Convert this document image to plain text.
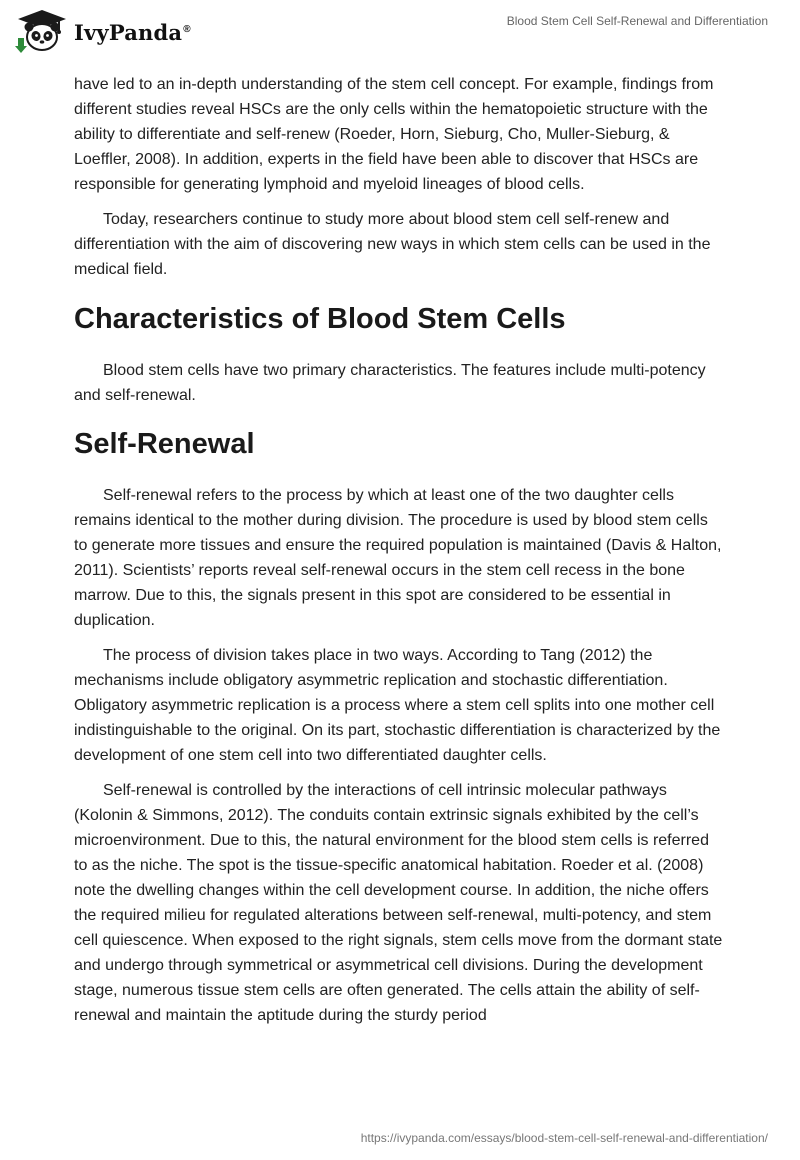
IvyPanda®
Blood Stem Cell Self-Renewal and Differentiation

have led to an in-depth understanding of the stem cell concept. For example, findings from different studies reveal HSCs are the only cells within the hematopoietic structure with the ability to differentiate and self-renew (Roeder, Horn, Sieburg, Cho, Muller-Sieburg, & Loeffler, 2008). In addition, experts in the field have been able to discover that HSCs are responsible for generating lymphoid and myeloid lineages of blood cells.

Today, researchers continue to study more about blood stem cell self-renew and differentiation with the aim of discovering new ways in which stem cells can be used in the medical field.

Characteristics of Blood Stem Cells

Blood stem cells have two primary characteristics. The features include multi-potency and self-renewal.

Self-Renewal

Self-renewal refers to the process by which at least one of the two daughter cells remains identical to the mother during division. The procedure is used by blood stem cells to generate more tissues and ensure the required population is maintained (Davis & Halton, 2011). Scientists’ reports reveal self-renewal occurs in the stem cell recess in the bone marrow. Due to this, the signals present in this spot are considered to be essential in duplication.

The process of division takes place in two ways. According to Tang (2012) the mechanisms include obligatory asymmetric replication and stochastic differentiation. Obligatory asymmetric replication is a process where a stem cell splits into one mother cell indistinguishable to the original. On its part, stochastic differentiation is characterized by the development of one stem cell into two differentiated daughter cells.

Self-renewal is controlled by the interactions of cell intrinsic molecular pathways (Kolonin & Simmons, 2012). The conduits contain extrinsic signals exhibited by the cell’s microenvironment. Due to this, the natural environment for the blood stem cells is referred to as the niche. The spot is the tissue-specific anatomical habitation. Roeder et al. (2008) note the dwelling changes within the cell development course. In addition, the niche offers the required milieu for regulated alterations between self-renewal, multi-potency, and stem cell quiescence. When exposed to the right signals, stem cells move from the dormant state and undergo through symmetrical or asymmetrical cell divisions. During the development stage, numerous tissue stem cells are often generated. The cells attain the ability of self-renewal and maintain the aptitude during the sturdy period

https://ivypanda.com/essays/blood-stem-cell-self-renewal-and-differentiation/
